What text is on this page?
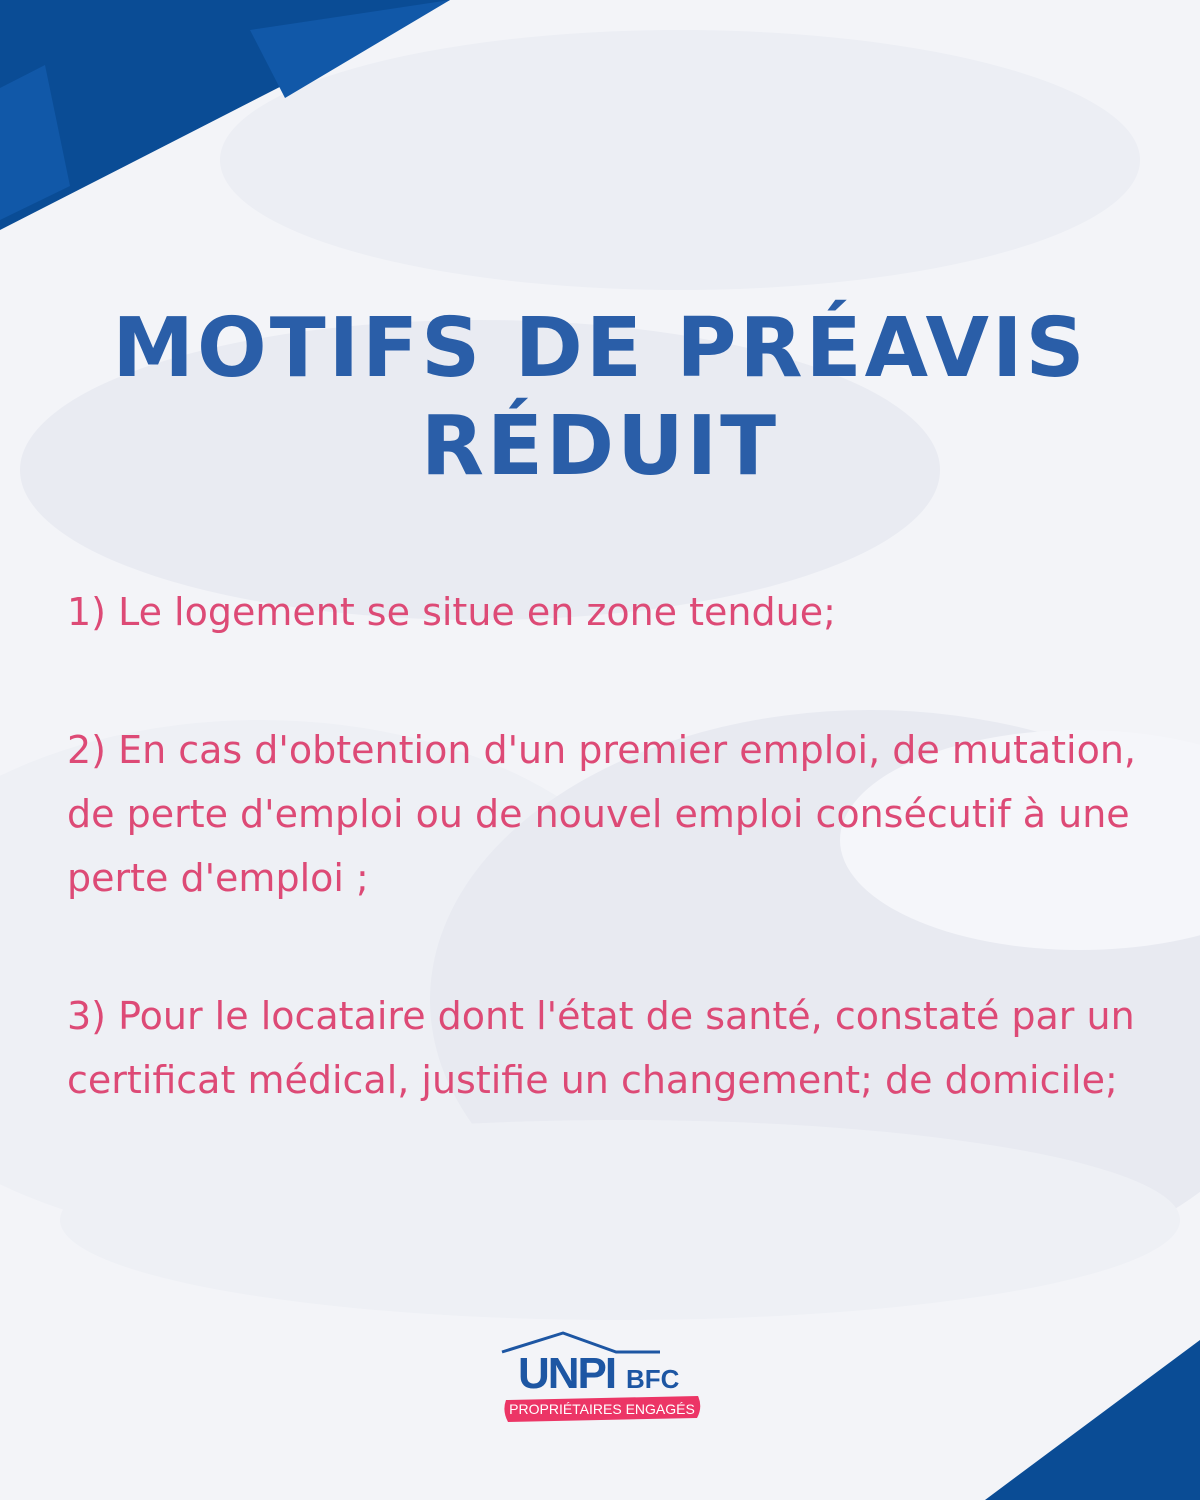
MOTIFS DE PRÉAVIS
RÉDUIT

1) Le logement se situe en zone tendue;

2) En cas d'obtention d'un premier emploi, de mutation, de perte d'emploi ou de nouvel emploi consécutif à une perte d'emploi ;

3) Pour le locataire dont l'état de santé, constaté par un certificat médical, justifie un changement; de domicile;

UNPI BFC
PROPRIÉTAIRES ENGAGÉS
